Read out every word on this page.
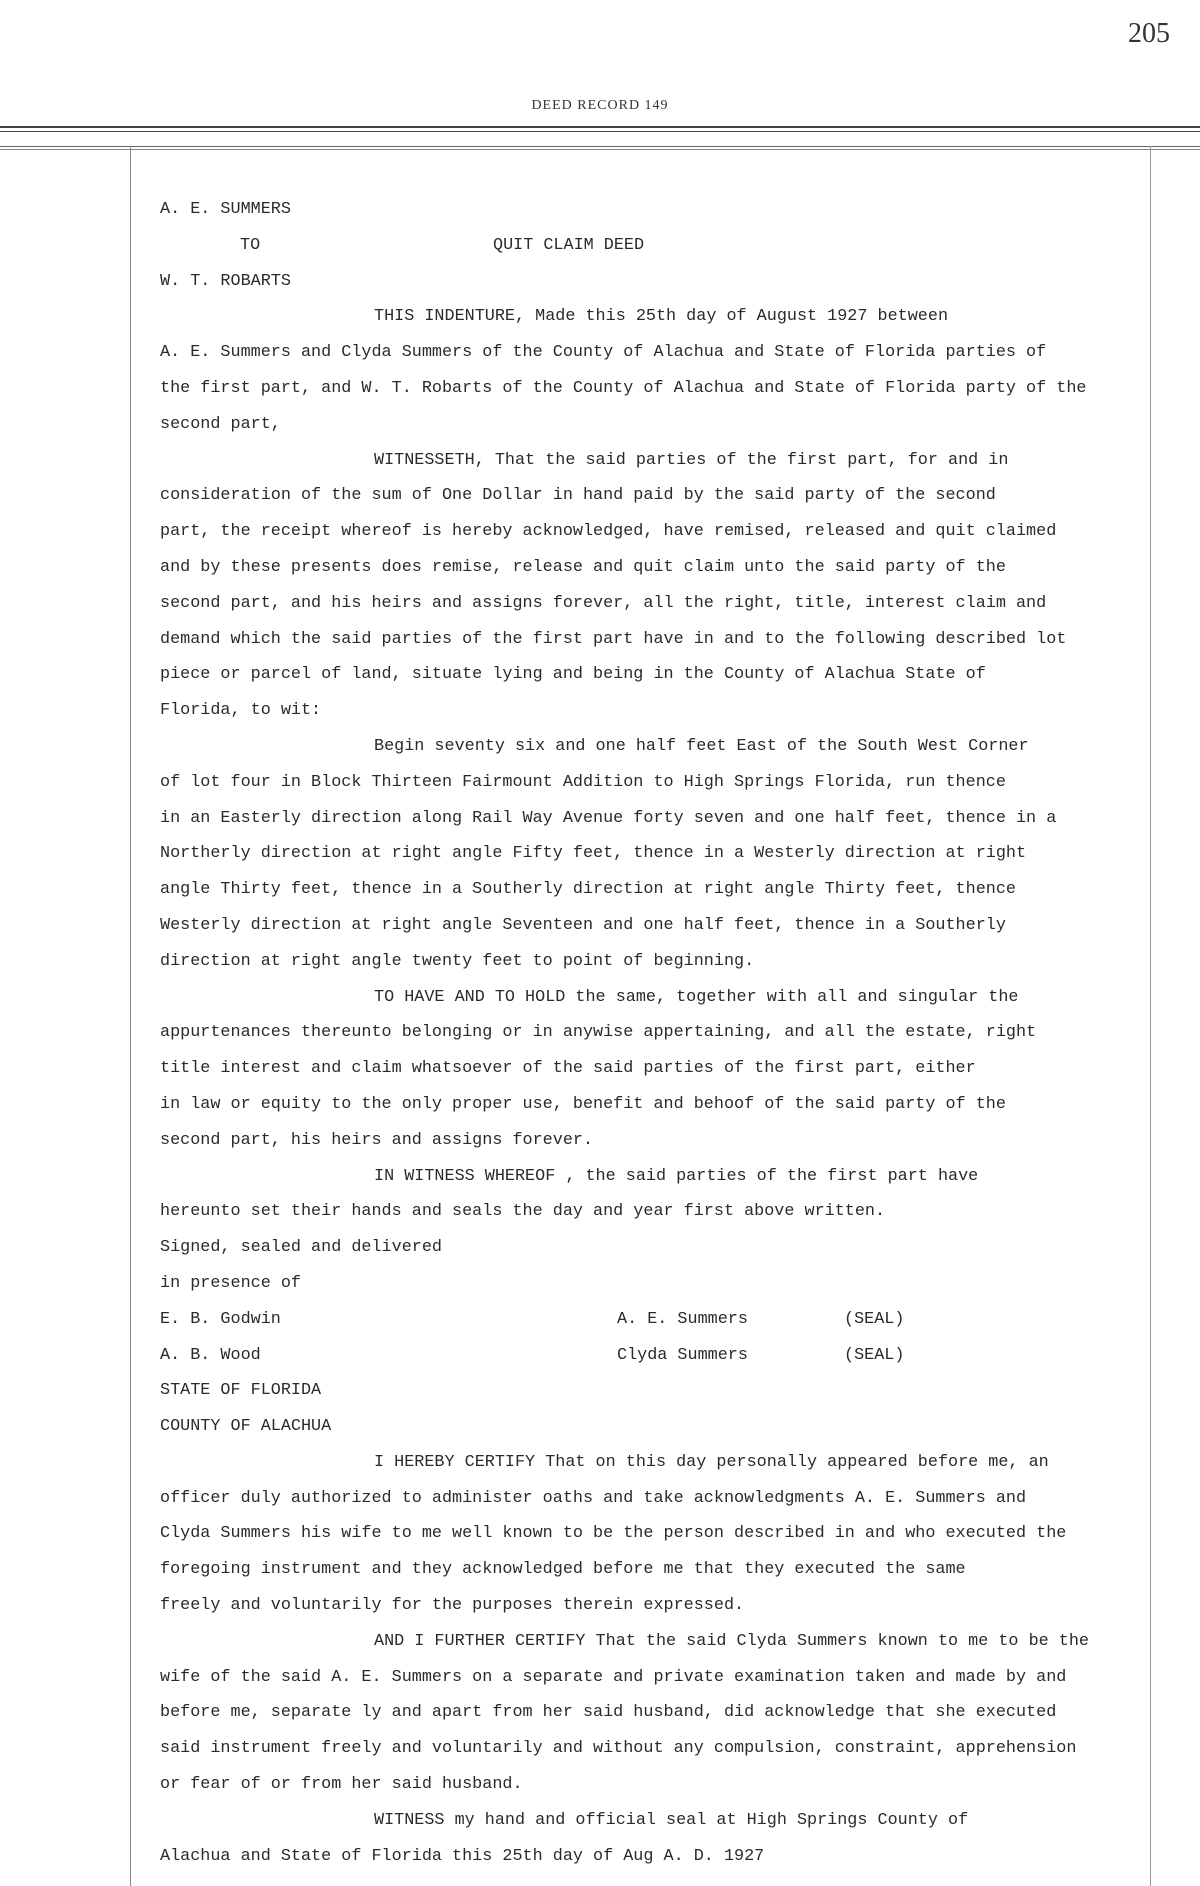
205
DEED RECORD 149
A. E. SUMMERS
TO	QUIT CLAIM DEED
W. T. ROBARTS
THIS INDENTURE, Made this 25th day of August 1927 between
A. E. Summers and Clyda Summers of the County of Alachua and State of Florida parties of
the first part, and W. T. Robarts of the County of Alachua and State of Florida party of the
second part,
WITNESSETH, That the said parties of the first part, for and in
consideration of the sum of One Dollar in hand paid by the said party of the second
part, the receipt whereof is hereby acknowledged, have remised, released and quit claimed
and by these presents does remise, release and quit claim unto the said party of the
second part, and his heirs and assigns forever, all the right, title, interest claim and
demand which the said parties of the first part have in and to the following described lot
piece or parcel of land, situate lying and being in the County of Alachua State of
Florida, to wit:
Begin seventy six and one half feet East of the South West Corner
of lot four in Block Thirteen Fairmount Addition to High Springs Florida, run thence
in an Easterly direction along Rail Way Avenue forty seven and one half feet, thence in a
Northerly direction at right angle Fifty feet, thence in a Westerly direction at right
angle Thirty feet, thence in a Southerly direction at right angle Thirty feet, thence
Westerly direction at right angle Seventeen and one half feet, thence in a Southerly
direction at right angle twenty feet to point of beginning.
TO HAVE AND TO HOLD the same, together with all and singular the
appurtenances thereunto belonging or in anywise appertaining, and all the estate, right
title interest and claim whatsoever of the said parties of the first part, either
in law or equity to the only proper use, benefit and behoof of the said party of the
second part, his heirs and assigns forever.
IN WITNESS WHEREOF , the said parties of the first part have
hereunto set their hands and seals the day and year first above written.
Signed, sealed and delivered
in presence of
E. B. Godwin	A. E. Summers	(SEAL)
A. B. Wood	Clyda Summers	(SEAL)
STATE OF FLORIDA
COUNTY OF ALACHUA
I HEREBY CERTIFY That on this day personally appeared before me, an
officer duly authorized to administer oaths and take acknowledgments A. E. Summers and
Clyda Summers his wife to me well known to be the person described in and who executed the
foregoing instrument and they acknowledged before me that they executed the same
freely and voluntarily for the purposes therein expressed.
AND I FURTHER CERTIFY That the said Clyda Summers known to me to be the
wife of the said A. E. Summers on a separate and private examination taken and made by and
before me, separate ly and apart from her said husband, did acknowledge that she executed
said instrument freely and voluntarily and without any compulsion, constraint, apprehension
or fear of or from her said husband.
WITNESS my hand and official seal at High Springs County of
Alachua and State of Florida this 25th day of Aug A. D. 1927
